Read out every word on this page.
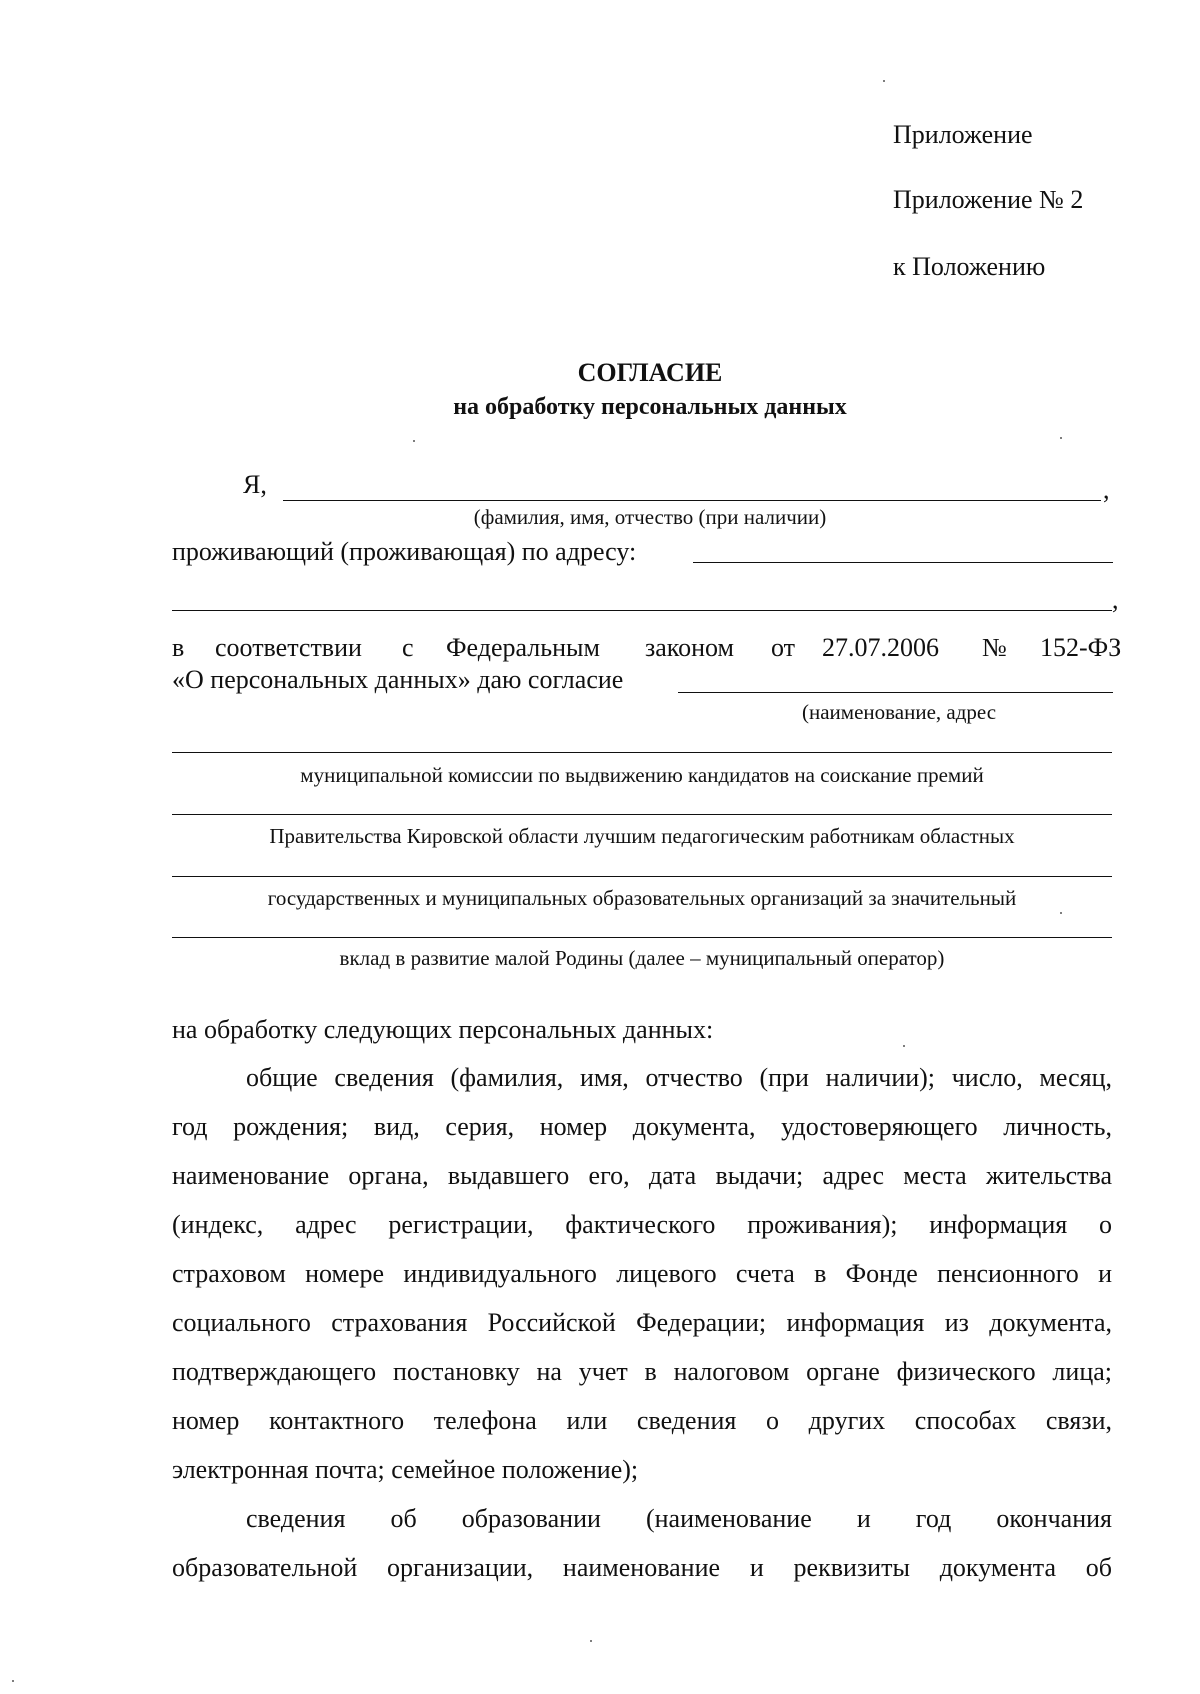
Приложение
Приложение № 2
к Положению
СОГЛАСИЕ
на обработку персональных данных
Я,	,
(фамилия, имя, отчество (при наличии)
проживающий (проживающая) по адресу:
,
в соответствии с Федеральным законом от 27.07.2006 № 152-ФЗ
«О персональных данных» даю согласие
(наименование, адрес
муниципальной комиссии по выдвижению кандидатов на соискание премий
Правительства Кировской области лучшим педагогическим работникам областных
государственных и муниципальных образовательных организаций за значительный
вклад в развитие малой Родины (далее – муниципальный оператор)
на обработку следующих персональных данных:
общие сведения (фамилия, имя, отчество (при наличии); число, месяц,
год рождения; вид, серия, номер документа, удостоверяющего личность,
наименование органа, выдавшего его, дата выдачи; адрес места жительства
(индекс, адрес регистрации, фактического проживания); информация о
страховом номере индивидуального лицевого счета в Фонде пенсионного и
социального страхования Российской Федерации; информация из документа,
подтверждающего постановку на учет в налоговом органе физического лица;
номер контактного телефона или сведения о других способах связи,
электронная почта; семейное положение);
сведения об образовании (наименование и год окончания
образовательной организации, наименование и реквизиты документа об
